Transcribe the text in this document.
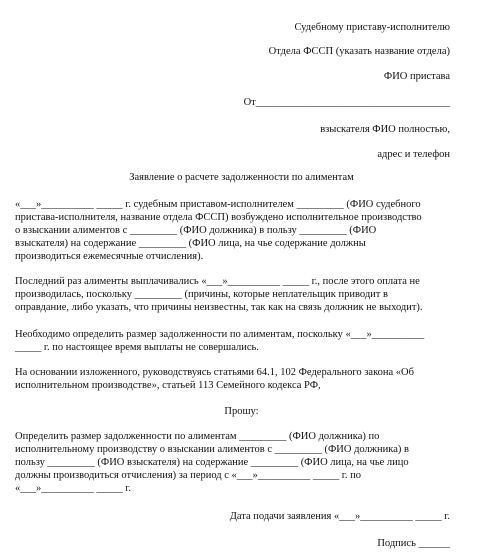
Судебному приставу-исполнителю
Отдела ФССП (указать название отдела)
ФИО пристава
От_____________________________________
взыскателя ФИО полностью,
адрес и телефон
Заявление о расчете задолженности по алиментам
«___»__________ _____ г. судебным приставом-исполнителем _________ (ФИО судебного
пристава-исполнителя, название отдела ФССП) возбуждено исполнительное производство
о взыскании алиментов с _________ (ФИО должника) в пользу _________ (ФИО
взыскателя) на содержание _________ (ФИО лица, на чье содержание должны
производиться ежемесячные отчисления).
Последний раз алименты выплачивались «___»__________ _____ г., после этого оплата не
производилась, поскольку _________ (причины, которые неплательщик приводит в
оправдание, либо указать, что причины неизвестны, так как на связь должник не выходит).
Необходимо определить размер задолженности по алиментам, поскольку «___»__________
_____ г. по настоящее время выплаты не совершались.
На основании изложенного, руководствуясь статьями 64.1, 102 Федерального закона «Об
исполнительном производстве», статьей 113 Семейного кодекса РФ,
Прошу:
Определить размер задолженности по алиментам _________ (ФИО должника) по
исполнительному производству о взыскании алиментов с _________ (ФИО должника) в
пользу _________ (ФИО взыскателя) на содержание _________ (ФИО лица, на чье лицо
должны производиться отчисления) за период с «___»__________ _____ г. по
«___»__________ _____ г.
Дата подачи заявления «___»__________ _____ г.
Подпись ______
